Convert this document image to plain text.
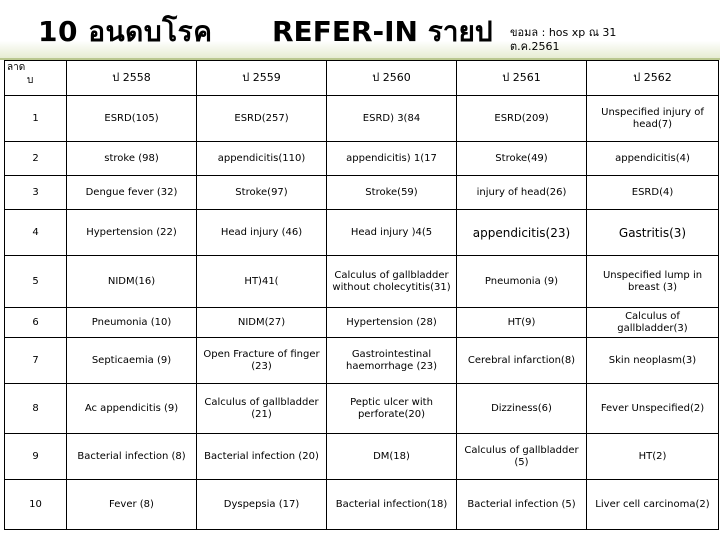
10 อนดบโรค REFER-IN รายป ขอมล : hos xp ณ 31
ต.ค.2561
ลาด
บ	ป 2558	ป 2559	ป 2560	ป 2561	ป 2562
1	ESRD(105)	ESRD(257)	ESRD) 3(84	ESRD(209)	Unspecified injury of head(7)
2	stroke (98)	appendicitis(110)	appendicitis) 1(17	Stroke(49)	appendicitis(4)
3	Dengue fever (32)	Stroke(97)	Stroke(59)	injury of head(26)	ESRD(4)
4	Hypertension (22)	Head injury (46)	Head injury )4(5	appendicitis(23)	Gastritis(3)
5	NIDM(16)	HT)41(	Calculus of gallbladder without cholecytitis(31)	Pneumonia (9)	Unspecified lump in breast (3)
6	Pneumonia (10)	NIDM(27)	Hypertension (28)	HT(9)	Calculus of gallbladder(3)
7	Septicaemia (9)	Open Fracture of finger (23)	Gastrointestinal haemorrhage (23)	Cerebral infarction(8)	Skin neoplasm(3)
8	Ac appendicitis (9)	Calculus of gallbladder (21)	Peptic ulcer with perforate(20)	Dizziness(6)	Fever Unspecified(2)
9	Bacterial infection (8)	Bacterial infection (20)	DM(18)	Calculus of gallbladder (5)	HT(2)
10	Fever (8)	Dyspepsia (17)	Bacterial infection(18)	Bacterial infection (5)	Liver cell carcinoma(2)
